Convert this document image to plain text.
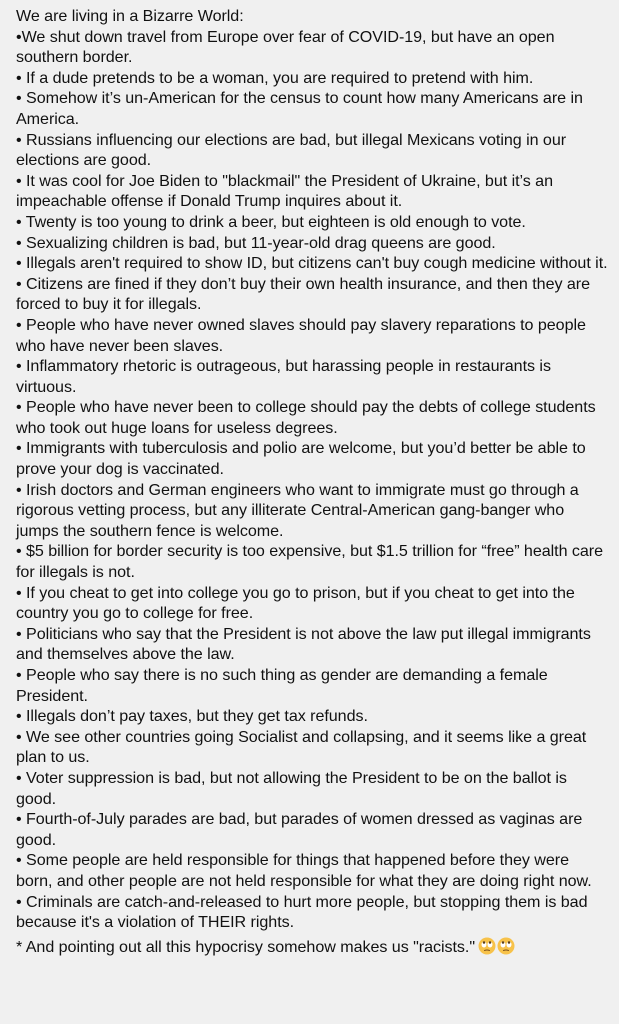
We are living in a Bizarre World:

•We shut down travel from Europe over fear of COVID-19, but have an open southern border.

• If a dude pretends to be a woman, you are required to pretend with him.

• Somehow it’s un-American for the census to count how many Americans are in America.

• Russians influencing our elections are bad, but illegal Mexicans voting in our elections are good.

• It was cool for Joe Biden to "blackmail" the President of Ukraine, but it’s an impeachable offense if Donald Trump inquires about it.

• Twenty is too young to drink a beer, but eighteen is old enough to vote.

• Sexualizing children is bad, but 11-year-old drag queens are good.

• Illegals aren't required to show ID, but citizens can't buy cough medicine without it.

• Citizens are fined if they don’t buy their own health insurance, and then they are forced to buy it for illegals.

• People who have never owned slaves should pay slavery reparations to people who have never been slaves.

• Inflammatory rhetoric is outrageous, but harassing people in restaurants is virtuous.

• People who have never been to college should pay the debts of college students who took out huge loans for useless degrees.

• Immigrants with tuberculosis and polio are welcome, but you’d better be able to prove your dog is vaccinated.

• Irish doctors and German engineers who want to immigrate must go through a rigorous vetting process, but any illiterate Central-American gang-banger who jumps the southern fence is welcome.

• $5 billion for border security is too expensive, but $1.5 trillion for “free” health care for illegals is not.

• If you cheat to get into college you go to prison, but if you cheat to get into the country you go to college for free.

• Politicians who say that the President is not above the law put illegal immigrants and themselves above the law.

• People who say there is no such thing as gender are demanding a female President.

• Illegals don’t pay taxes, but they get tax refunds.

• We see other countries going Socialist and collapsing, and it seems like a great plan to us.

• Voter suppression is bad, but not allowing the President to be on the ballot is good.

• Fourth-of-July parades are bad, but parades of women dressed as vaginas are good.

• Some people are held responsible for things that happened before they were born, and other people are not held responsible for what they are doing right now.

• Criminals are catch-and-released to hurt more people, but stopping them is bad because it's a violation of THEIR rights.

* And pointing out all this hypocrisy somehow makes us "racists."
